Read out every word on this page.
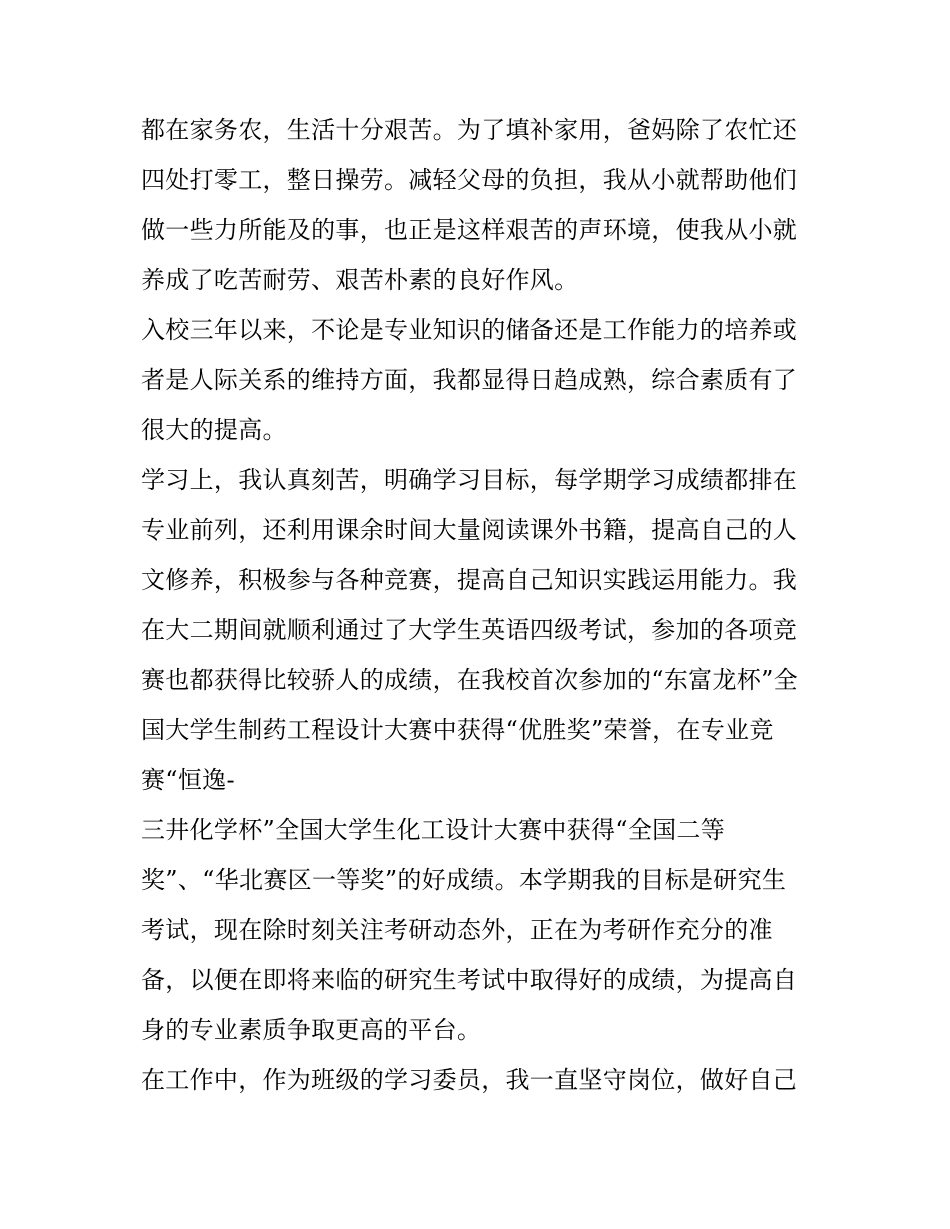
都在家务农，生活十分艰苦。为了填补家用，爸妈除了农忙还
四处打零工，整日操劳。减轻父母的负担，我从小就帮助他们
做一些力所能及的事，也正是这样艰苦的声环境，使我从小就
养成了吃苦耐劳、艰苦朴素的良好作风。
入校三年以来，不论是专业知识的储备还是工作能力的培养或
者是人际关系的维持方面，我都显得日趋成熟，综合素质有了
很大的提高。
学习上，我认真刻苦，明确学习目标，每学期学习成绩都排在
专业前列，还利用课余时间大量阅读课外书籍，提高自己的人
文修养，积极参与各种竞赛，提高自己知识实践运用能力。我
在大二期间就顺利通过了大学生英语四级考试，参加的各项竞
赛也都获得比较骄人的成绩，在我校首次参加的“东富龙杯”全
国大学生制药工程设计大赛中获得“优胜奖”荣誉，在专业竞
赛“恒逸-
三井化学杯”全国大学生化工设计大赛中获得“全国二等
奖”、“华北赛区一等奖”的好成绩。本学期我的目标是研究生
考试，现在除时刻关注考研动态外，正在为考研作充分的准
备，以便在即将来临的研究生考试中取得好的成绩，为提高自
身的专业素质争取更高的平台。
在工作中，作为班级的学习委员，我一直坚守岗位，做好自己
